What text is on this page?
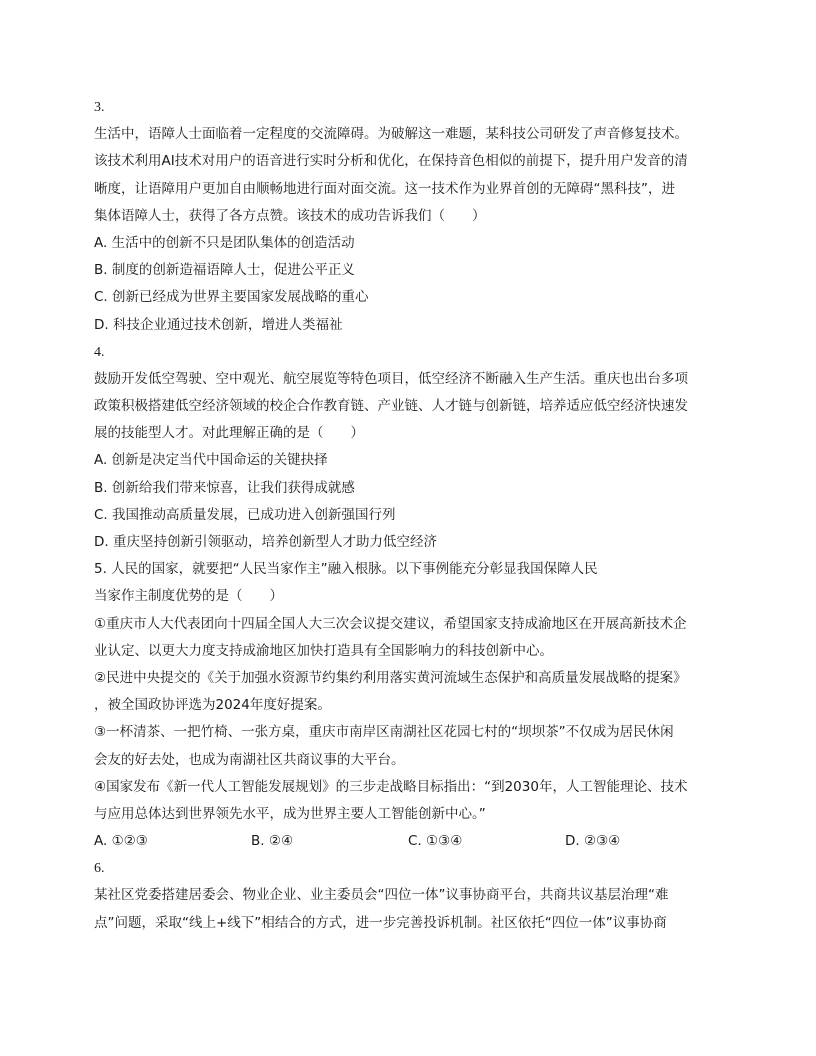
3.
生活中，语障人士面临着一定程度的交流障碍。为破解这一难题，某科技公司研发了声音修复技术。
该技术利用AI技术对用户的语音进行实时分析和优化，在保持音色相似的前提下，提升用户发音的清
晰度，让语障用户更加自由顺畅地进行面对面交流。这一技术作为业界首创的无障碍“黑科技”，进
集体语障人士，获得了各方点赞。该技术的成功告诉我们（　　）
A. 生活中的创新不只是团队集体的创造活动
B. 制度的创新造福语障人士，促进公平正义
C. 创新已经成为世界主要国家发展战略的重心
D. 科技企业通过技术创新，增进人类福祉
4.
鼓励开发低空驾驶、空中观光、航空展览等特色项目，低空经济不断融入生产生活。重庆也出台多项
政策积极搭建低空经济领域的校企合作教育链、产业链、人才链与创新链，培养适应低空经济快速发
展的技能型人才。对此理解正确的是（　　）
A. 创新是决定当代中国命运的关键抉择
B. 创新给我们带来惊喜，让我们获得成就感
C. 我国推动高质量发展，已成功进入创新强国行列
D. 重庆坚持创新引领驱动，培养创新型人才助力低空经济
5. 人民的国家，就要把“人民当家作主”融入根脉。以下事例能充分彰显我国保障人民
当家作主制度优势的是（　　）
①重庆市人大代表团向十四届全国人大三次会议提交建议，希望国家支持成渝地区在开展高新技术企
业认定、以更大力度支持成渝地区加快打造具有全国影响力的科技创新中心。
②民进中央提交的《关于加强水资源节约集约利用落实黄河流域生态保护和高质量发展战略的提案》
，被全国政协评选为2024年度好提案。
③一杯清茶、一把竹椅、一张方桌，重庆市南岸区南湖社区花园七村的“坝坝茶”不仅成为居民休闲
会友的好去处，也成为南湖社区共商议事的大平台。
④国家发布《新一代人工智能发展规划》的三步走战略目标指出：“到2030年，人工智能理论、技术
与应用总体达到世界领先水平，成为世界主要人工智能创新中心。”
A. ①②③	B. ②④	C. ①③④	D. ②③④
6.
某社区党委搭建居委会、物业企业、业主委员会“四位一体”议事协商平台，共商共议基层治理“难
点”问题，采取“线上+线下”相结合的方式，进一步完善投诉机制。社区依托“四位一体”议事协商
